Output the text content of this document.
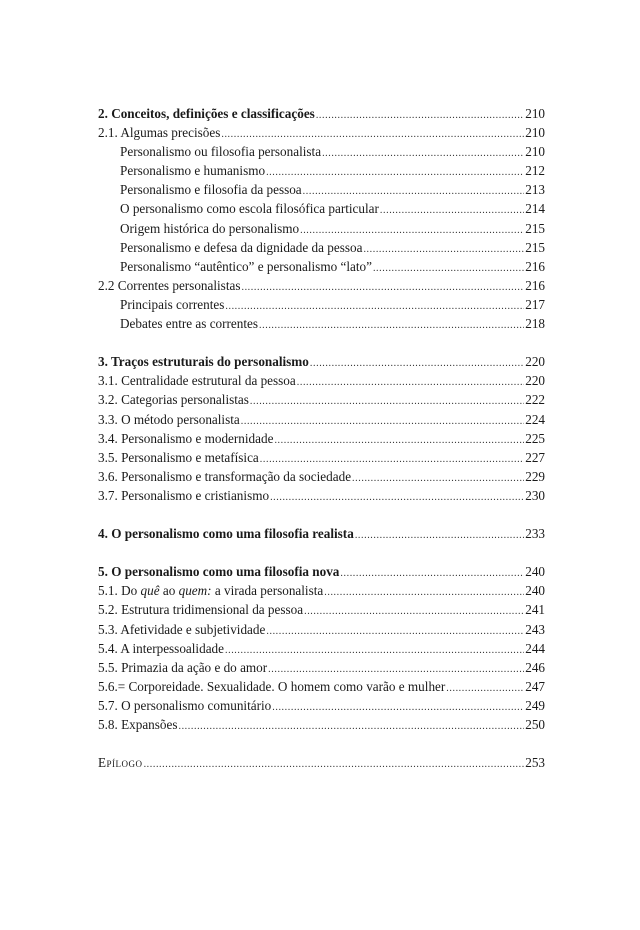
2. Conceitos, definições e classificações .....	210
2.1. Algumas precisões .....	210
Personalismo ou filosofia personalista .....	210
Personalismo e humanismo .....	212
Personalismo e filosofia da pessoa .....	213
O personalismo como escola filosófica particular .....	214
Origem histórica do personalismo .....	215
Personalismo e defesa da dignidade da pessoa .....	215
Personalismo “autêntico” e personalismo “lato” .....	216
2.2 Correntes personalistas .....	216
Principais correntes .....	217
Debates entre as correntes .....	218
3. Traços estruturais do personalismo .....	220
3.1. Centralidade estrutural da pessoa .....	220
3.2. Categorias personalistas .....	222
3.3. O método personalista .....	224
3.4. Personalismo e modernidade .....	225
3.5. Personalismo e metafísica .....	227
3.6. Personalismo e transformação da sociedade .....	229
3.7. Personalismo e cristianismo .....	230
4. O personalismo como uma filosofia realista .....	233
5. O personalismo como uma filosofia nova .....	240
5.1. Do quê ao quem: a virada personalista .....	240
5.2. Estrutura tridimensional da pessoa .....	241
5.3. Afetividade e subjetividade .....	243
5.4. A interpessoalidade .....	244
5.5. Primazia da ação e do amor .....	246
5.6.= Corporeidade. Sexualidade. O homem como varão e mulher .....	247
5.7. O personalismo comunitário .....	249
5.8. Expansões .....	250
Epílogo .....	253
